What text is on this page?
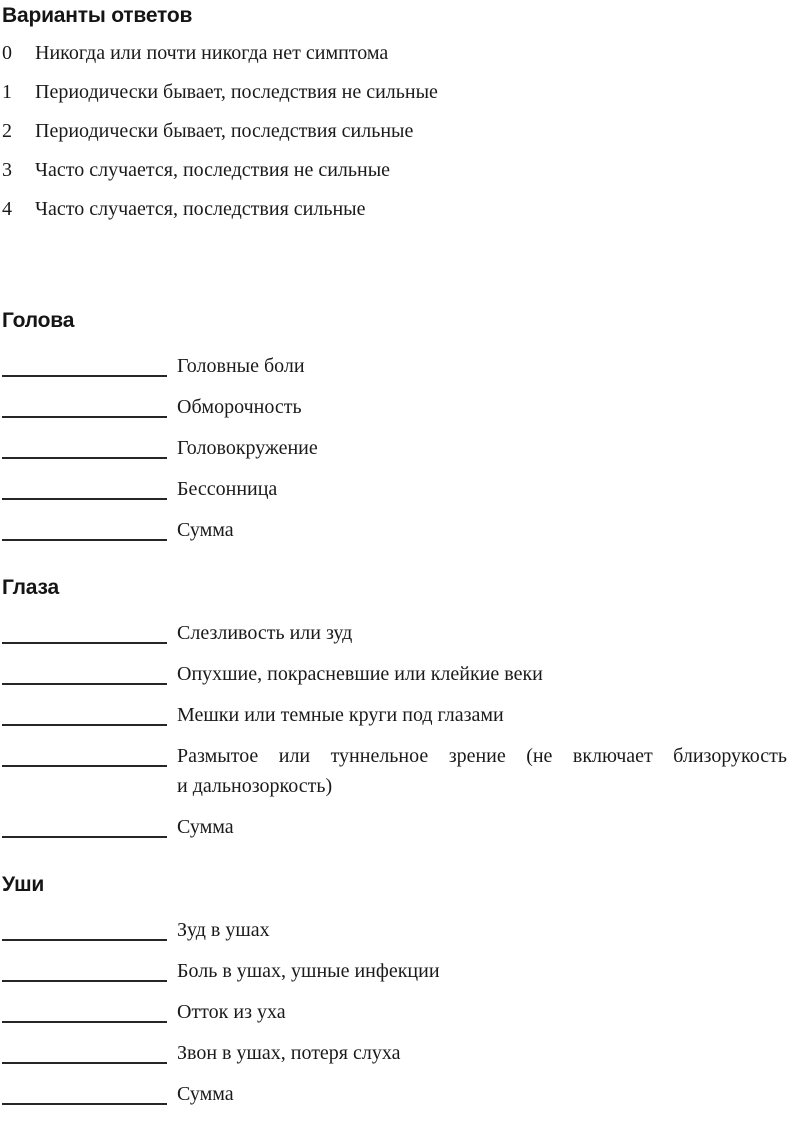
Варианты ответов
0	Никогда или почти никогда нет симптома
1	Периодически бывает, последствия не сильные
2	Периодически бывает, последствия сильные
3	Часто случается, последствия не сильные
4	Часто случается, последствия сильные
Голова
Головные боли
Обморочность
Головокружение
Бессонница
Сумма
Глаза
Слезливость или зуд
Опухшие, покрасневшие или клейкие веки
Мешки или темные круги под глазами
Размытое или туннельное зрение (не включает близорукость и дальнозоркость)
Сумма
Уши
Зуд в ушах
Боль в ушах, ушные инфекции
Отток из уха
Звон в ушах, потеря слуха
Сумма
